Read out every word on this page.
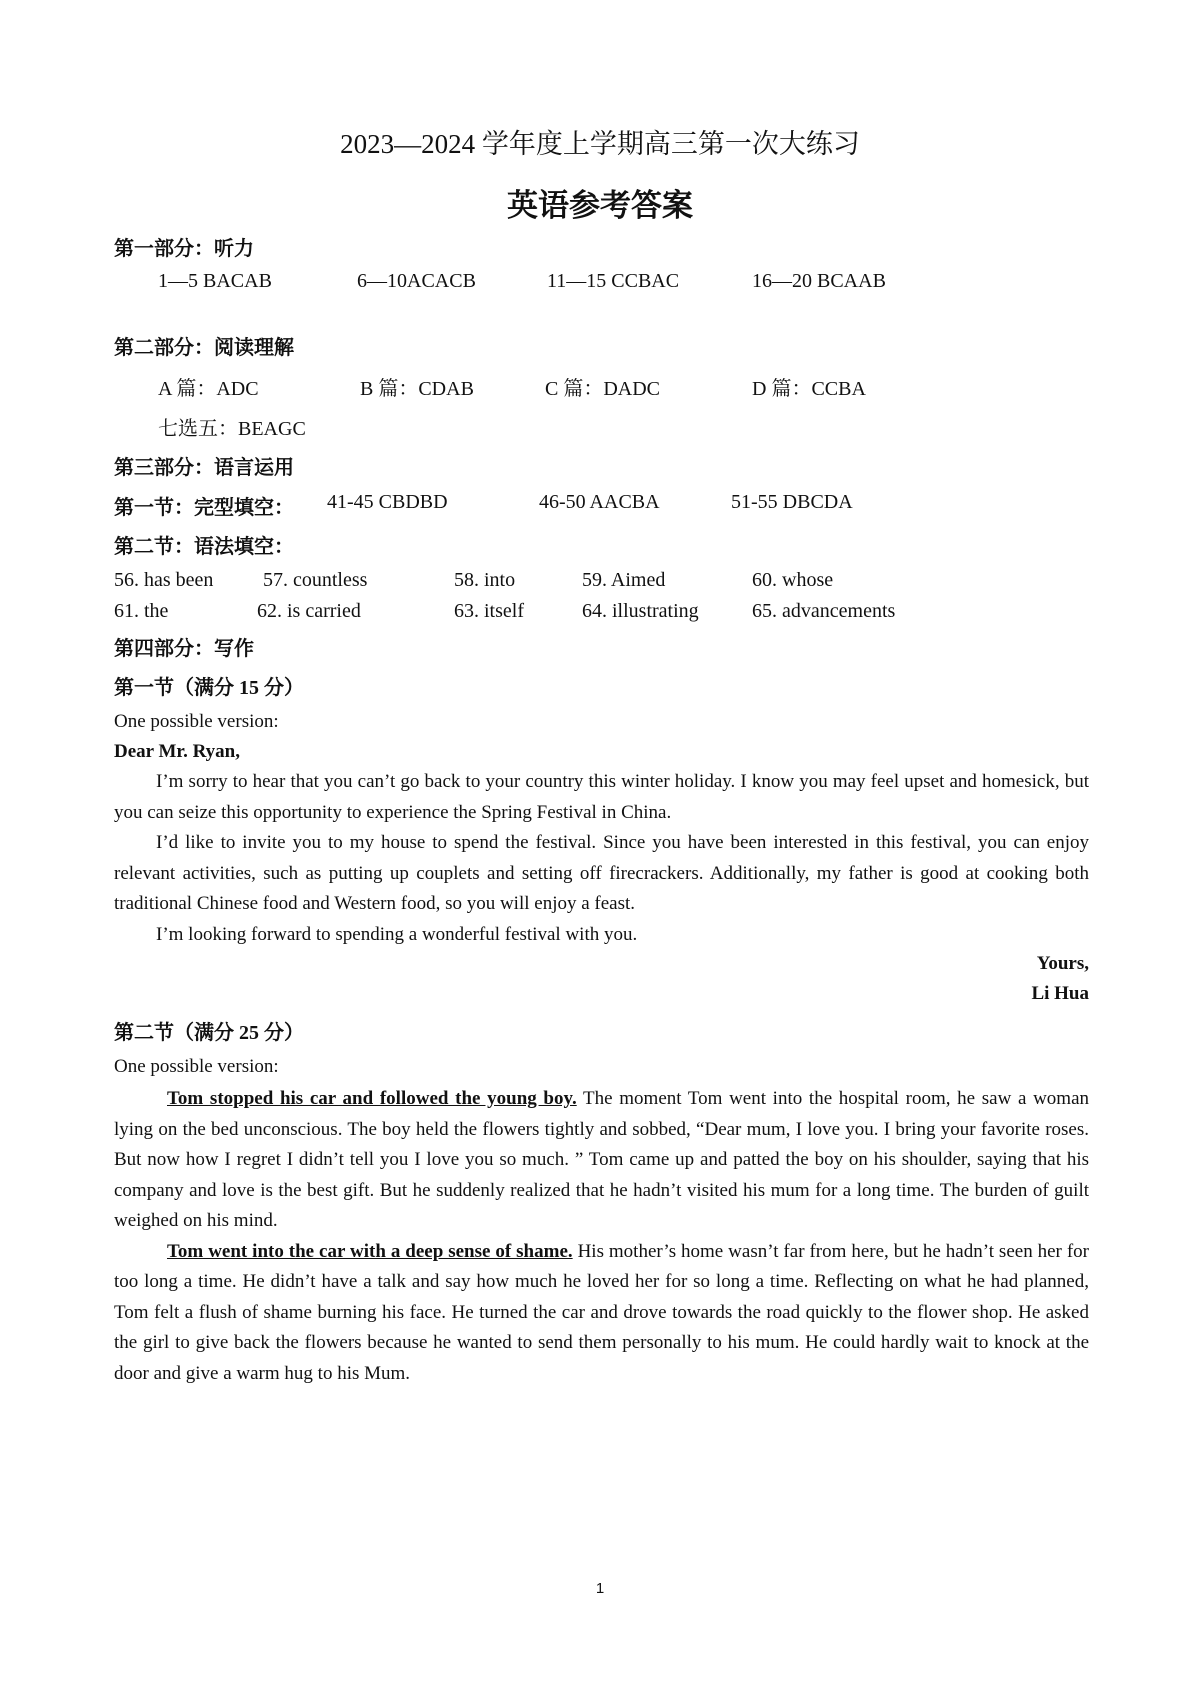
2023—2024 学年度上学期高三第一次大练习
英语参考答案
第一部分：听力
1—5 BACAB	6—10ACACB	11—15 CCBAC	16—20 BCAAB
第二部分：阅读理解
A 篇：ADC	B 篇：CDAB	C 篇：DADC	D 篇：CCBA
七选五：BEAGC
第三部分：语言运用
第一节：完型填空： 41-45 CBDBD	46-50 AACBA	51-55 DBCDA
第二节：语法填空：
56. has been 57. countless	58. into	59. Aimed	60. whose
61. the	62. is carried	63. itself	64. illustrating	65. advancements
第四部分：写作
第一节（满分 15 分）
One possible version:
Dear Mr. Ryan,

I’m sorry to hear that you can’t go back to your country this winter holiday. I know you may feel upset and homesick, but you can seize this opportunity to experience the Spring Festival in China.

I’d like to invite you to my house to spend the festival. Since you have been interested in this festival, you can enjoy relevant activities, such as putting up couplets and setting off firecrackers. Additionally, my father is good at cooking both traditional Chinese food and Western food, so you will enjoy a feast.

I’m looking forward to spending a wonderful festival with you.

Yours,
Li Hua
第二节（满分 25 分）
One possible version:

Tom stopped his car and followed the young boy. The moment Tom went into the hospital room, he saw a woman lying on the bed unconscious. The boy held the flowers tightly and sobbed, “Dear mum, I love you. I bring your favorite roses. But now how I regret I didn’t tell you I love you so much. ” Tom came up and patted the boy on his shoulder, saying that his company and love is the best gift. But he suddenly realized that he hadn’t visited his mum for a long time. The burden of guilt weighed on his mind.

Tom went into the car with a deep sense of shame. His mother’s home wasn’t far from here, but he hadn’t seen her for too long a time. He didn’t have a talk and say how much he loved her for so long a time. Reflecting on what he had planned, Tom felt a flush of shame burning his face. He turned the car and drove towards the road quickly to the flower shop. He asked the girl to give back the flowers because he wanted to send them personally to his mum. He could hardly wait to knock at the door and give a warm hug to his Mum.

1
